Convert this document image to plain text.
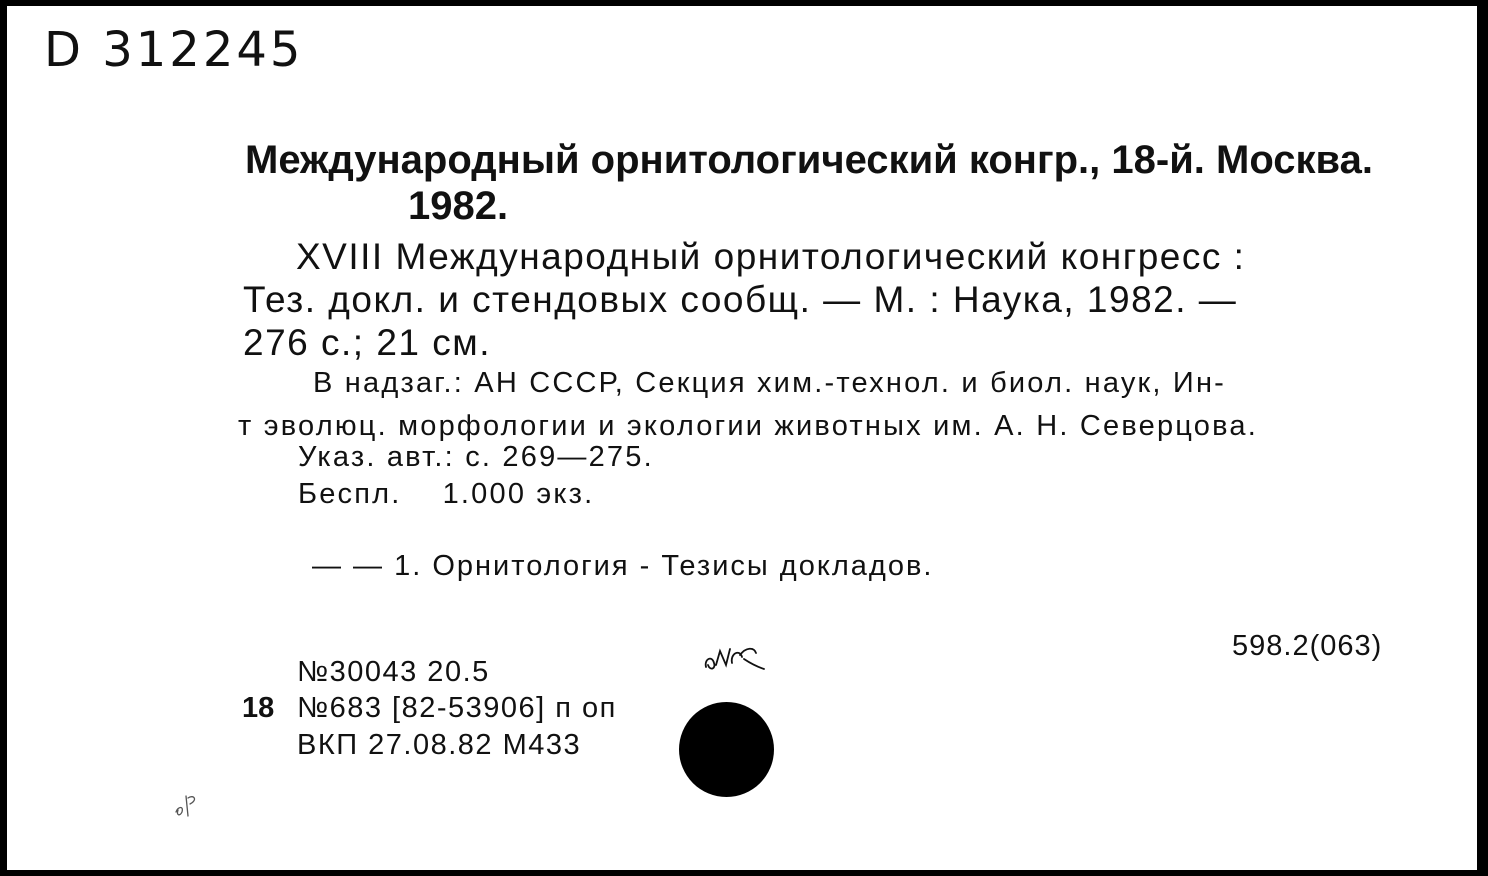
D 312245
Международный орнитологический конгр., 18-й. Москва.
1982.
XVIII Международный орнитологический конгресс :
Тез. докл. и стендовых сообщ. — М. : Наука, 1982. —
276 с.; 21 см.
В надзаг.: АН СССР, Секция хим.-технол. и биол. наук, Ин-
т эволюц. морфологии и экологии животных им. А. Н. Северцова.
Указ. авт.: с. 269—275.
Беспл.    1.000 экз.
— — 1. Орнитология - Тезисы докладов.
598.2(063)
18
№30043 20.5
№683 [82-53906] п оп
ВКП 27.08.82 М433
